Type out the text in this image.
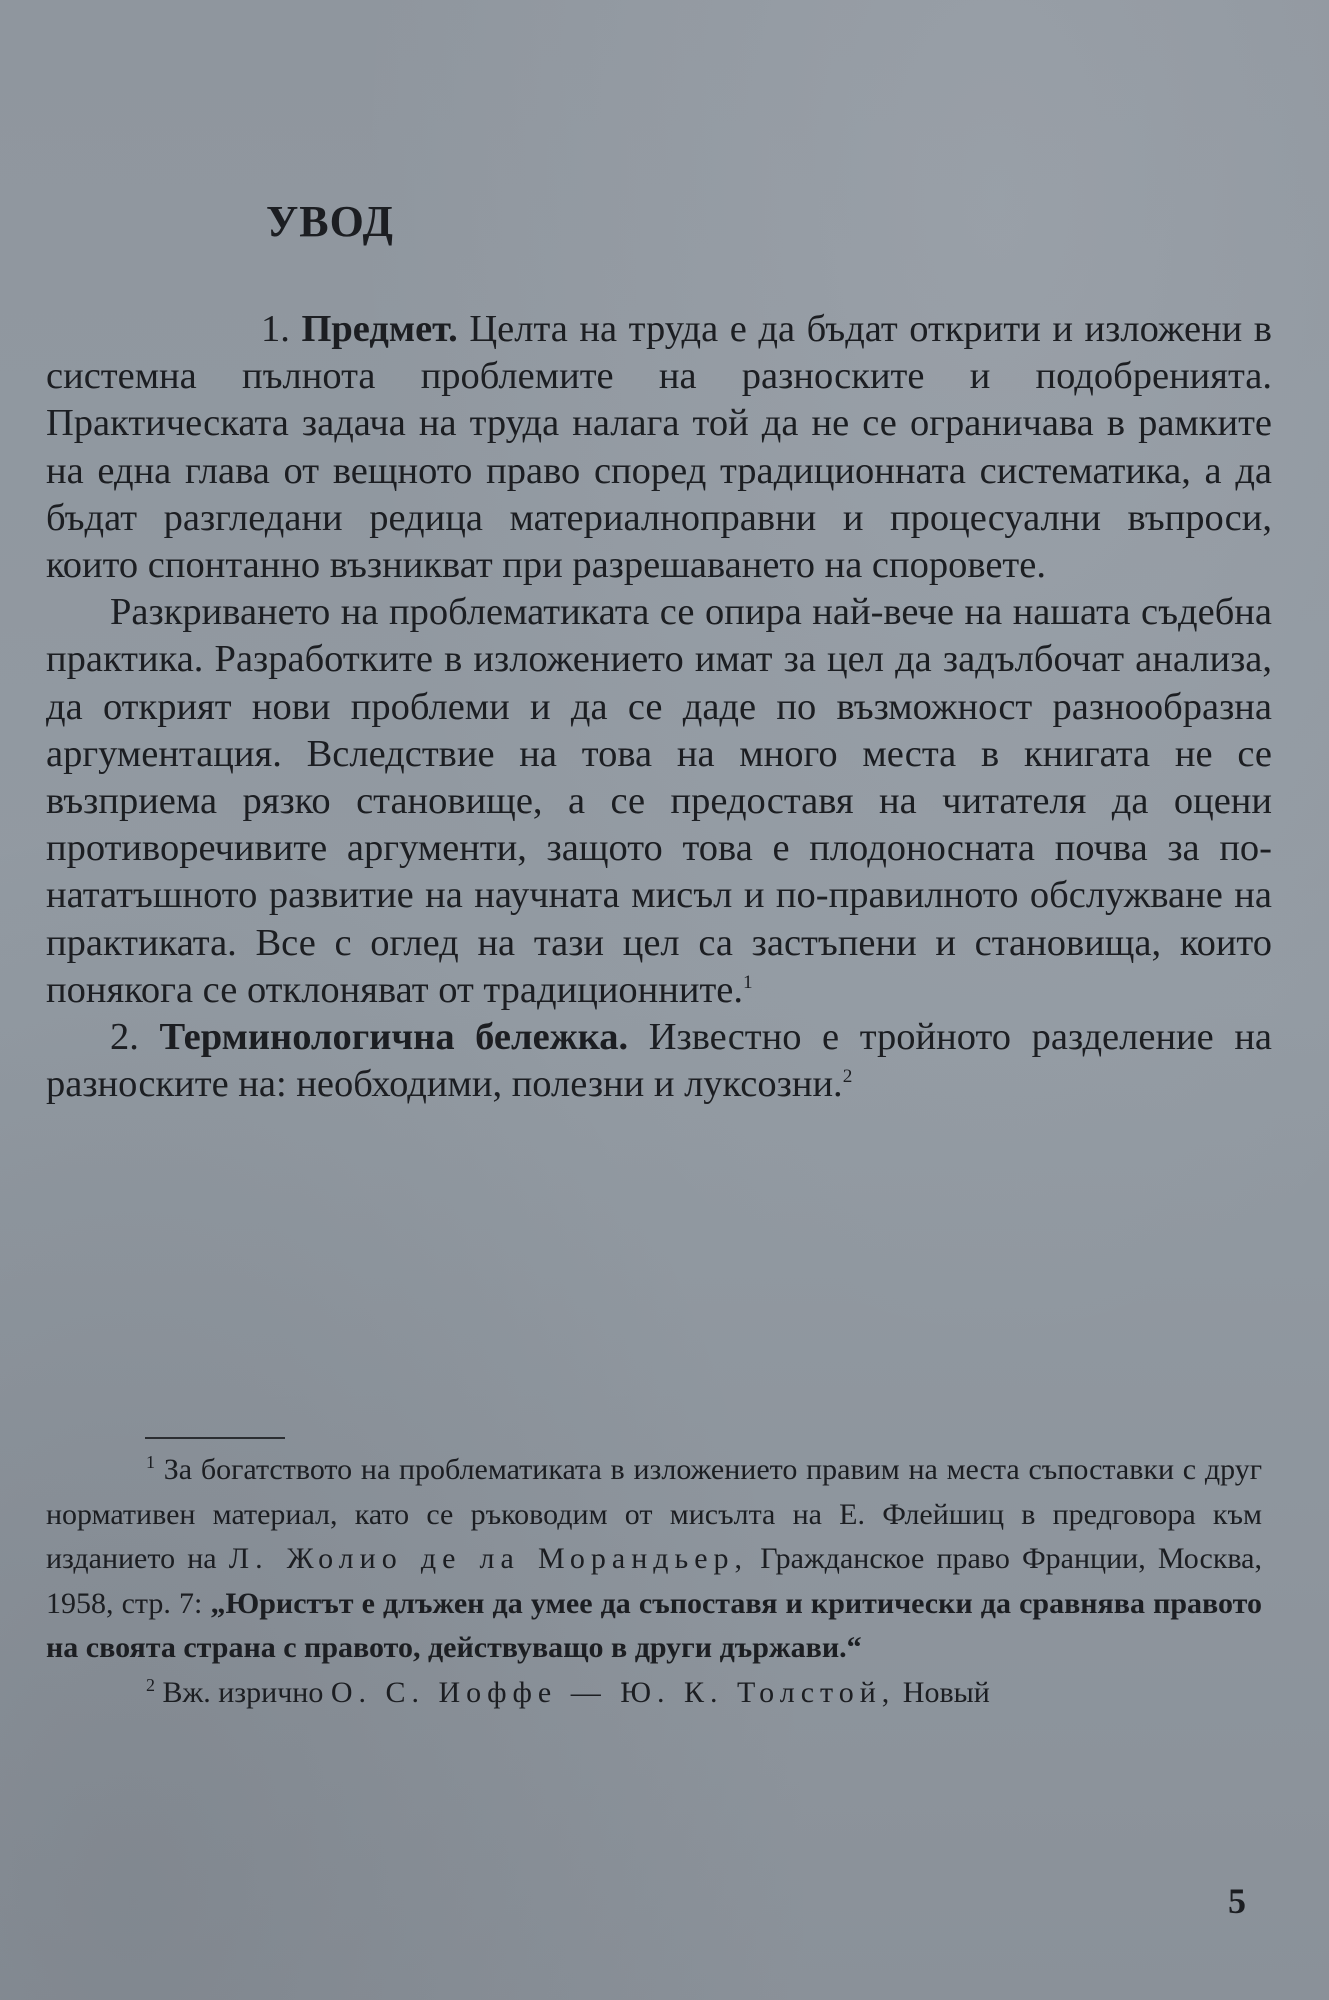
УВОД

1. Предмет. Целта на труда е да бъдат открити и изложени в системна пълнота проблемите на разноските и подобренията. Практическата задача на труда налага той да не се ограничава в рамките на една глава от вещното право според традиционната систематика, а да бъдат разгледани редица материалноправни и процесуални въпроси, които спонтанно възникват при разрешаването на споровете.

Разкриването на проблематиката се опира най-вече на нашата съдебна практика. Разработките в изложението имат за цел да задълбочат анализа, да открият нови проблеми и да се даде по възможност разнообразна аргументация. Вследствие на това на много места в книгата не се възприема рязко становище, а се предоставя на читателя да оцени противоречивите аргументи, защото това е плодоносната почва за по-нататъшното развитие на научната мисъл и по-правилното обслужване на практиката. Все с оглед на тази цел са застъпени и становища, които понякога се отклоняват от традиционните.$^1$

2. Терминологична бележка. Известно е тройното разделение на разноските на: необходими, полезни и луксозни.$^2$

$^1$ За богатството на проблематиката в изложението правим на места съпоставки с друг нормативен материал, като се ръководим от мисълта на Е. Флейшиц в предговора към изданието на Л. Жолио де ла Морандьер, Гражданское право Франции, Москва, 1958, стр. 7: „Юристът е длъжен да умее да съпоставя и критически да сравнява правото на своята страна с правото, действуващо в други държави.“

$^2$ Вж. изрично О. С. Иоффе — Ю. К. Толстой, Новый

5
